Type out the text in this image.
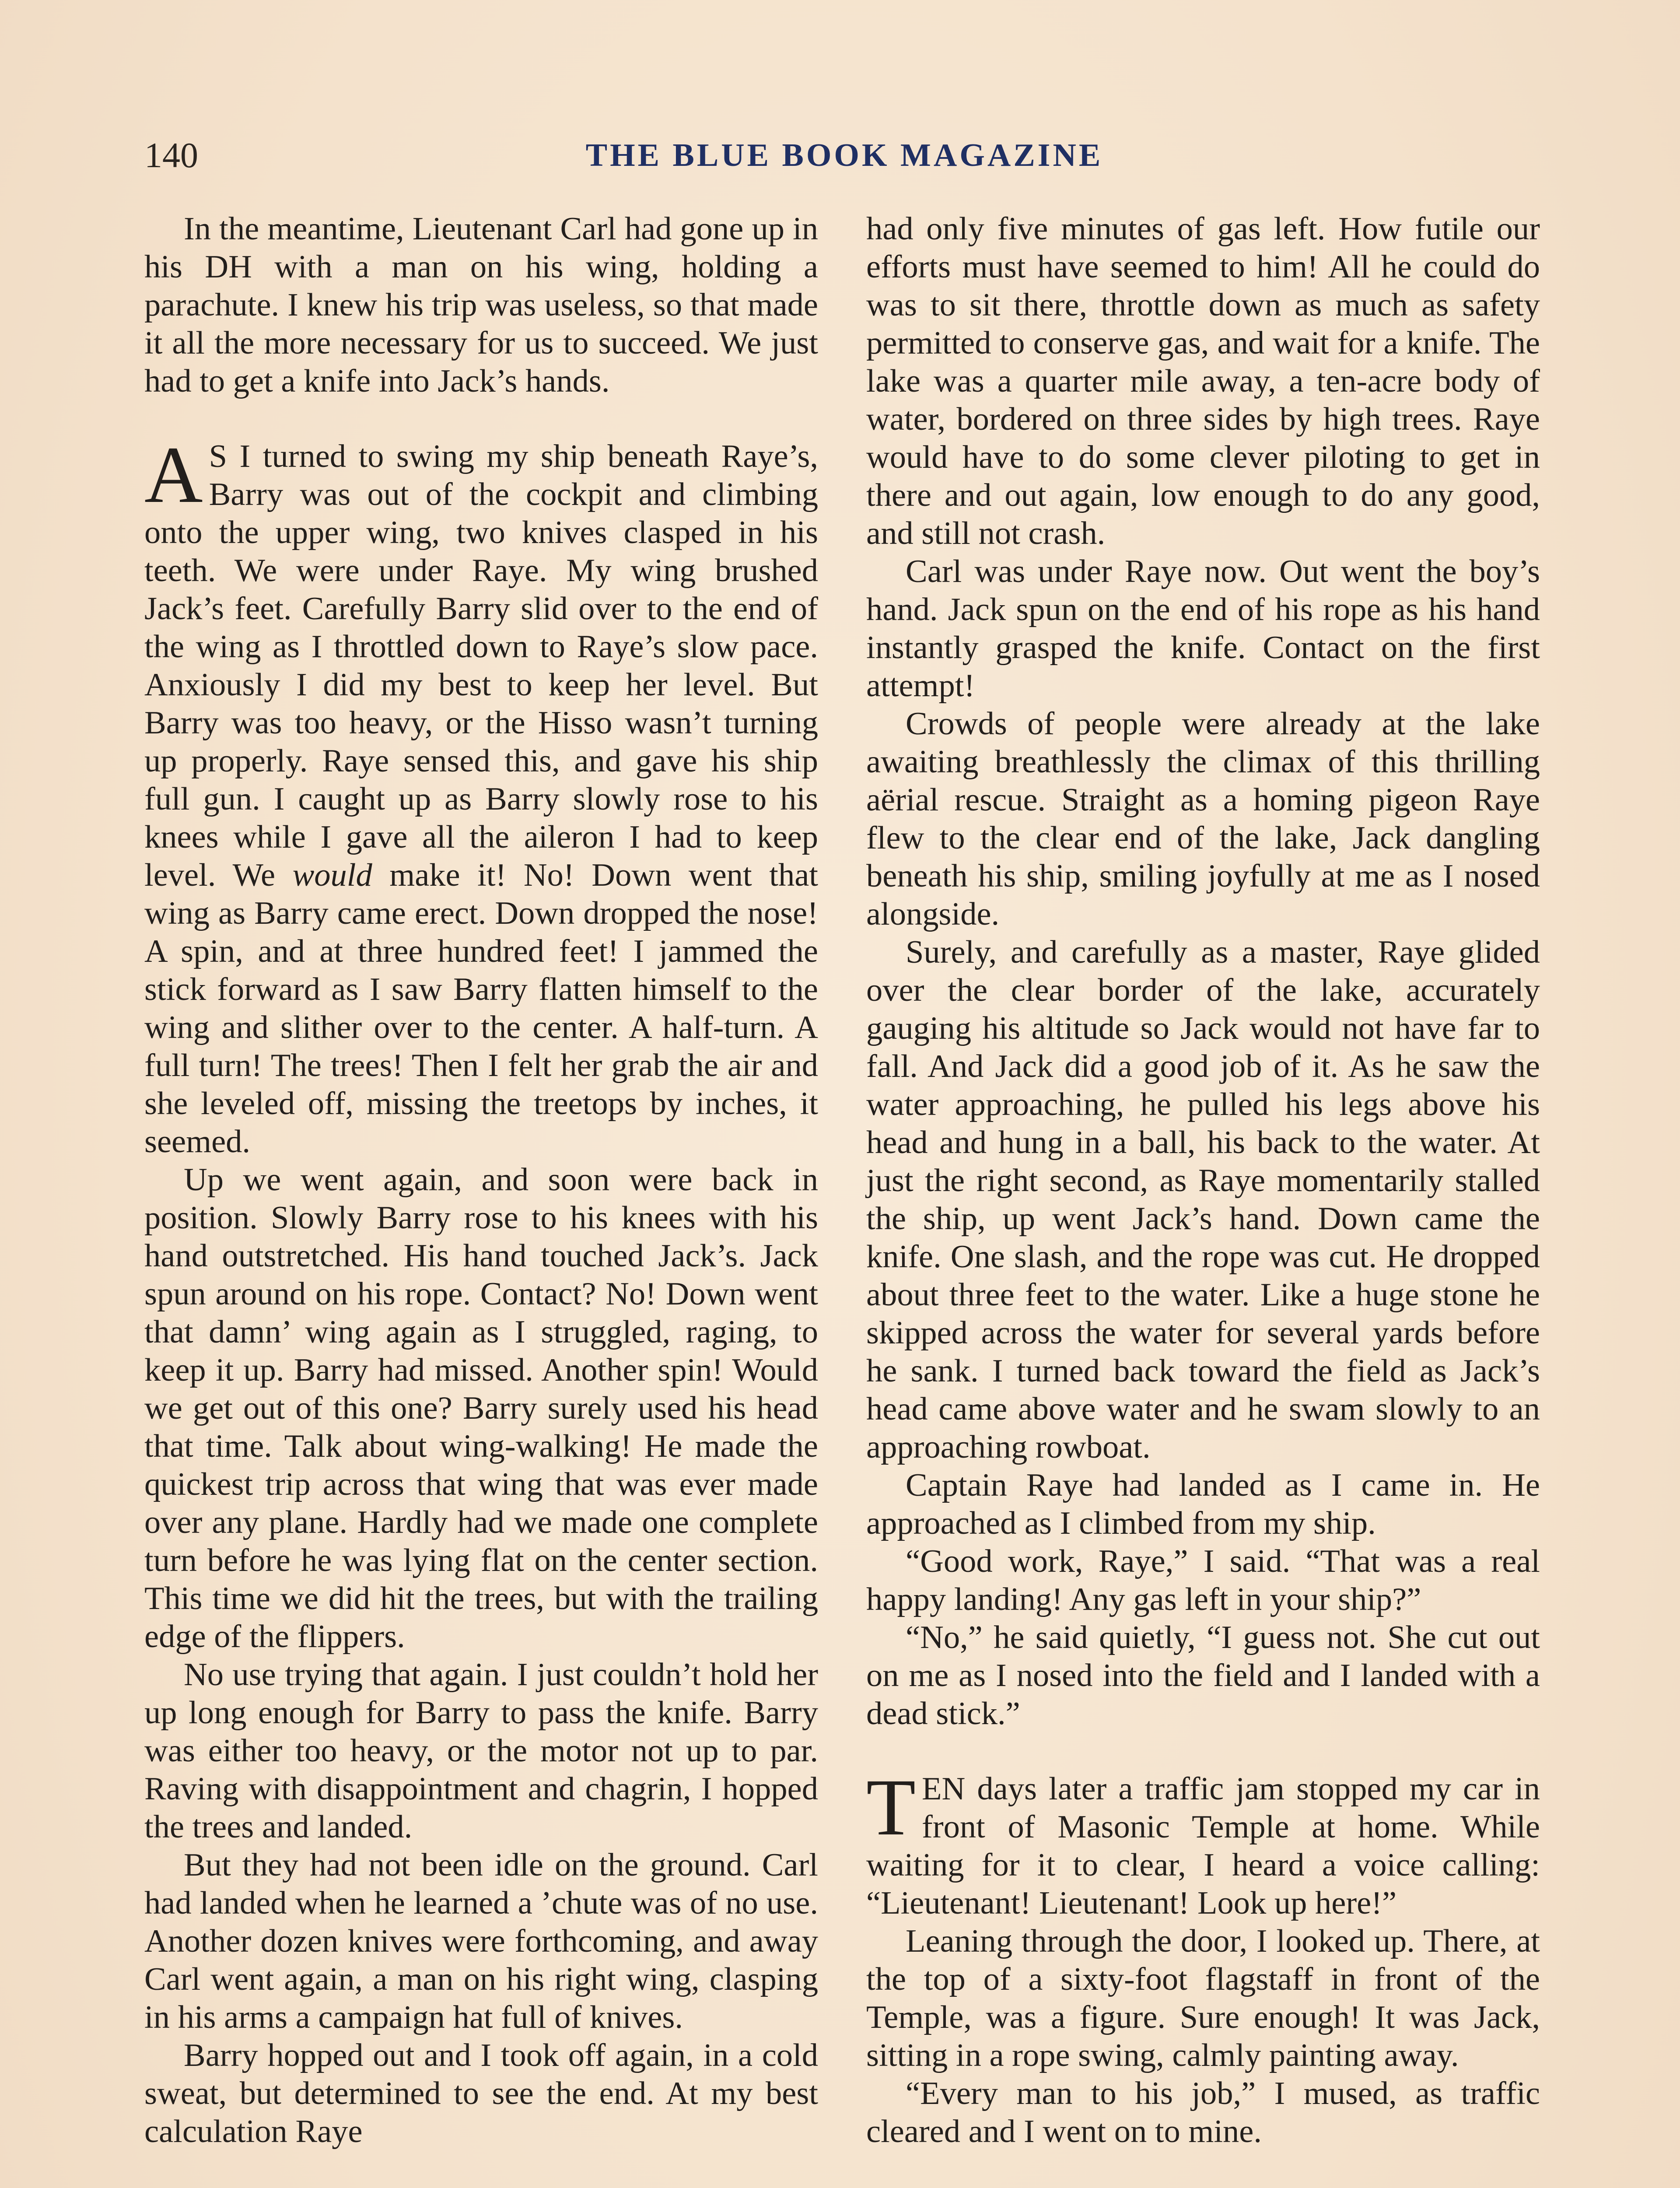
140	THE BLUE BOOK MAGAZINE

In the meantime, Lieutenant Carl had gone up in his DH with a man on his wing, holding a parachute. I knew his trip was useless, so that made it all the more necessary for us to succeed. We just had to get a knife into Jack’s hands.

A S I turned to swing my ship beneath Raye’s, Barry was out of the cockpit and climbing onto the upper wing, two knives clasped in his teeth. We were under Raye. My wing brushed Jack’s feet. Carefully Barry slid over to the end of the wing as I throttled down to Raye’s slow pace. Anxiously I did my best to keep her level. But Barry was too heavy, or the Hisso wasn’t turning up properly. Raye sensed this, and gave his ship full gun. I caught up as Barry slowly rose to his knees while I gave all the aileron I had to keep level. We would make it! No! Down went that wing as Barry came erect. Down dropped the nose! A spin, and at three hundred feet! I jammed the stick forward as I saw Barry flatten himself to the wing and slither over to the center. A half-turn. A full turn! The trees! Then I felt her grab the air and she leveled off, missing the treetops by inches, it seemed.

Up we went again, and soon were back in position. Slowly Barry rose to his knees with his hand outstretched. His hand touched Jack’s. Jack spun around on his rope. Contact? No! Down went that damn’ wing again as I struggled, raging, to keep it up. Barry had missed. Another spin! Would we get out of this one? Barry surely used his head that time. Talk about wing-walking! He made the quickest trip across that wing that was ever made over any plane. Hardly had we made one complete turn before he was lying flat on the center section. This time we did hit the trees, but with the trailing edge of the flippers.

No use trying that again. I just couldn’t hold her up long enough for Barry to pass the knife. Barry was either too heavy, or the motor not up to par. Raving with disappointment and chagrin, I hopped the trees and landed.

But they had not been idle on the ground. Carl had landed when he learned a ’chute was of no use. Another dozen knives were forthcoming, and away Carl went again, a man on his right wing, clasping in his arms a campaign hat full of knives.

Barry hopped out and I took off again, in a cold sweat, but determined to see the end. At my best calculation Raye

had only five minutes of gas left. How futile our efforts must have seemed to him! All he could do was to sit there, throttle down as much as safety permitted to conserve gas, and wait for a knife. The lake was a quarter mile away, a ten-acre body of water, bordered on three sides by high trees. Raye would have to do some clever piloting to get in there and out again, low enough to do any good, and still not crash.

Carl was under Raye now. Out went the boy’s hand. Jack spun on the end of his rope as his hand instantly grasped the knife. Contact on the first attempt!

Crowds of people were already at the lake awaiting breathlessly the climax of this thrilling aërial rescue. Straight as a homing pigeon Raye flew to the clear end of the lake, Jack dangling beneath his ship, smiling joyfully at me as I nosed alongside.

Surely, and carefully as a master, Raye glided over the clear border of the lake, accurately gauging his altitude so Jack would not have far to fall. And Jack did a good job of it. As he saw the water approaching, he pulled his legs above his head and hung in a ball, his back to the water. At just the right second, as Raye momentarily stalled the ship, up went Jack’s hand. Down came the knife. One slash, and the rope was cut. He dropped about three feet to the water. Like a huge stone he skipped across the water for several yards before he sank. I turned back toward the field as Jack’s head came above water and he swam slowly to an approaching rowboat.

Captain Raye had landed as I came in. He approached as I climbed from my ship.

“Good work, Raye,” I said. “That was a real happy landing! Any gas left in your ship?”

“No,” he said quietly, “I guess not. She cut out on me as I nosed into the field and I landed with a dead stick.”

TEN days later a traffic jam stopped my car in front of Masonic Temple at home. While waiting for it to clear, I heard a voice calling: “Lieutenant! Lieutenant! Look up here!”

Leaning through the door, I looked up. There, at the top of a sixty-foot flagstaff in front of the Temple, was a figure. Sure enough! It was Jack, sitting in a rope swing, calmly painting away.

“Every man to his job,” I mused, as traffic cleared and I went on to mine.
